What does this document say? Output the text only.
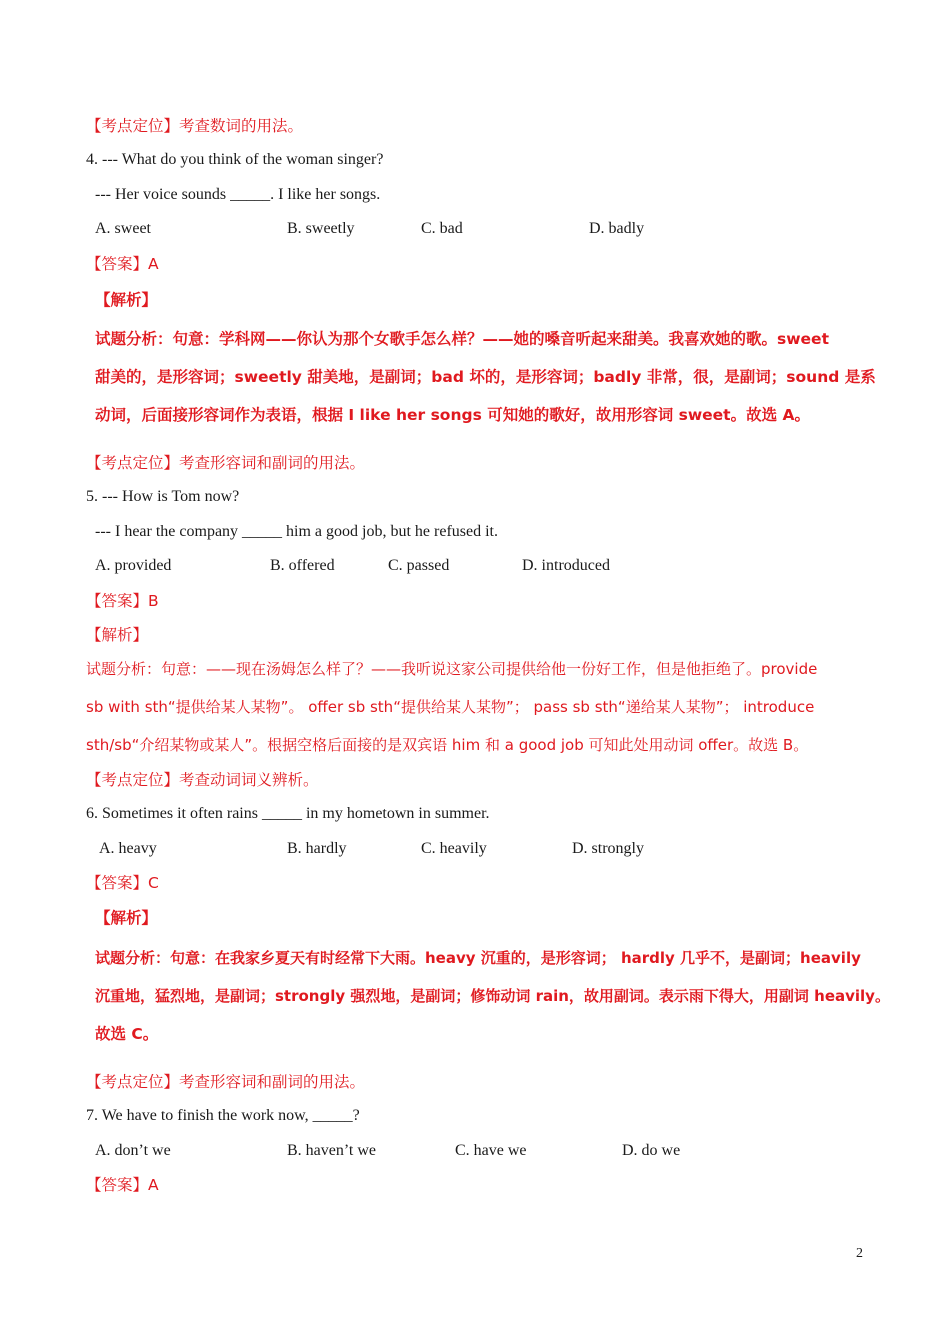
【考点定位】考查数词的用法。
4. --- What do you think of the woman singer?
--- Her voice sounds _____. I like her songs.
A. sweet	B. sweetly	C. bad	D. badly
【答案】A
【解析】
试题分析：句意：学科网——你认为那个女歌手怎么样？——她的嗓音听起来甜美。我喜欢她的歌。sweet
甜美的，是形容词；sweetly 甜美地，是副词；bad 坏的，是形容词；badly 非常，很，是副词；sound 是系
动词，后面接形容词作为表语，根据 I like her songs 可知她的歌好，故用形容词 sweet。故选 A。
【考点定位】考查形容词和副词的用法。
5. --- How is Tom now?
--- I hear the company _____ him a good job, but he refused it.
A. provided	B. offered	C. passed	D. introduced
【答案】B
【解析】
试题分析：句意：——现在汤姆怎么样了？——我听说这家公司提供给他一份好工作，但是他拒绝了。provide
sb with sth“提供给某人某物”。 offer sb sth“提供给某人某物”； pass sb sth“递给某人某物”； introduce
sth/sb“介绍某物或某人”。根据空格后面接的是双宾语 him 和 a good job 可知此处用动词 offer。故选 B。
【考点定位】考查动词词义辨析。
6. Sometimes it often rains _____ in my hometown in summer.
A. heavy	B. hardly	C. heavily	D. strongly
【答案】C
【解析】
试题分析：句意：在我家乡夏天有时经常下大雨。heavy 沉重的，是形容词； hardly 几乎不，是副词；heavily
沉重地，猛烈地，是副词；strongly 强烈地，是副词；修饰动词 rain，故用副词。表示雨下得大，用副词 heavily。
故选 C。
【考点定位】考查形容词和副词的用法。
7. We have to finish the work now, _____?
A. don’t we	B. haven’t we	C. have we	D. do we
【答案】A
2
